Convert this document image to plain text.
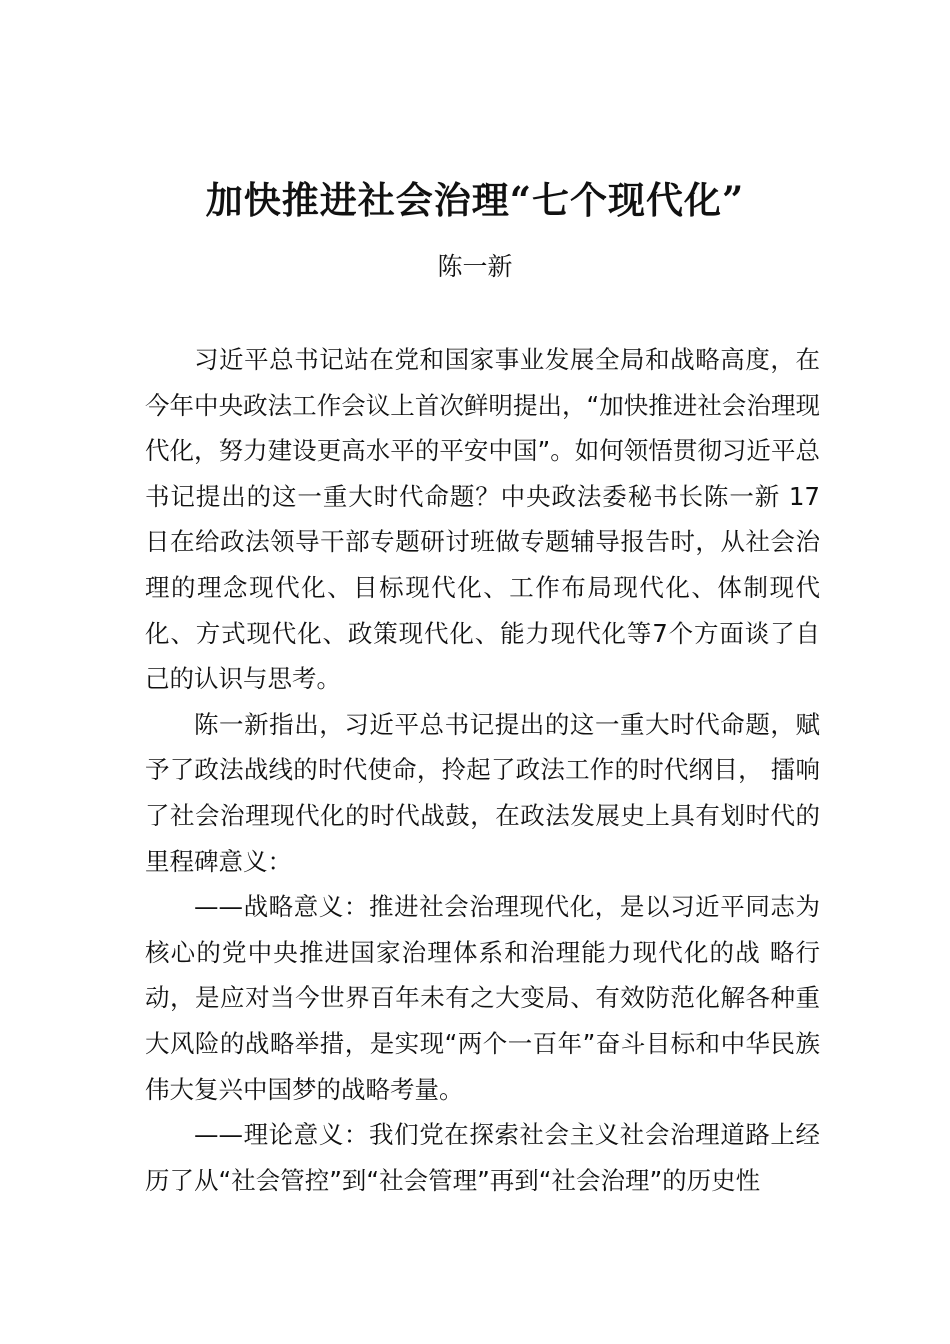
加快推进社会治理“七个现代化”
陈一新

习近平总书记站在党和国家事业发展全局和战略高度，在今年中央政法工作会议上首次鲜明提出，“加快推进社会治理现代化，努力建设更高水平的平安中国”。如何领悟贯彻习近平总书记提出的这一重大时代命题？中央政法委秘书长陈一新 17 日在给政法领导干部专题研讨班做专题辅导报告时，从社会治理的理念现代化、目标现代化、工作布局现代化、体制现代化、方式现代化、政策现代化、能力现代化等7个方面谈了自己的认识与思考。

陈一新指出，习近平总书记提出的这一重大时代命题，赋予了政法战线的时代使命，拎起了政法工作的时代纲目， 擂响了社会治理现代化的时代战鼓，在政法发展史上具有划时代的里程碑意义：

——战略意义：推进社会治理现代化，是以习近平同志为核心的党中央推进国家治理体系和治理能力现代化的战 略行动，是应对当今世界百年未有之大变局、有效防范化解各种重大风险的战略举措，是实现“两个一百年”奋斗目标和中华民族伟大复兴中国梦的战略考量。

——理论意义：我们党在探索社会主义社会治理道路上经历了从“社会管控”到“社会管理”再到“社会治理”的历史性
